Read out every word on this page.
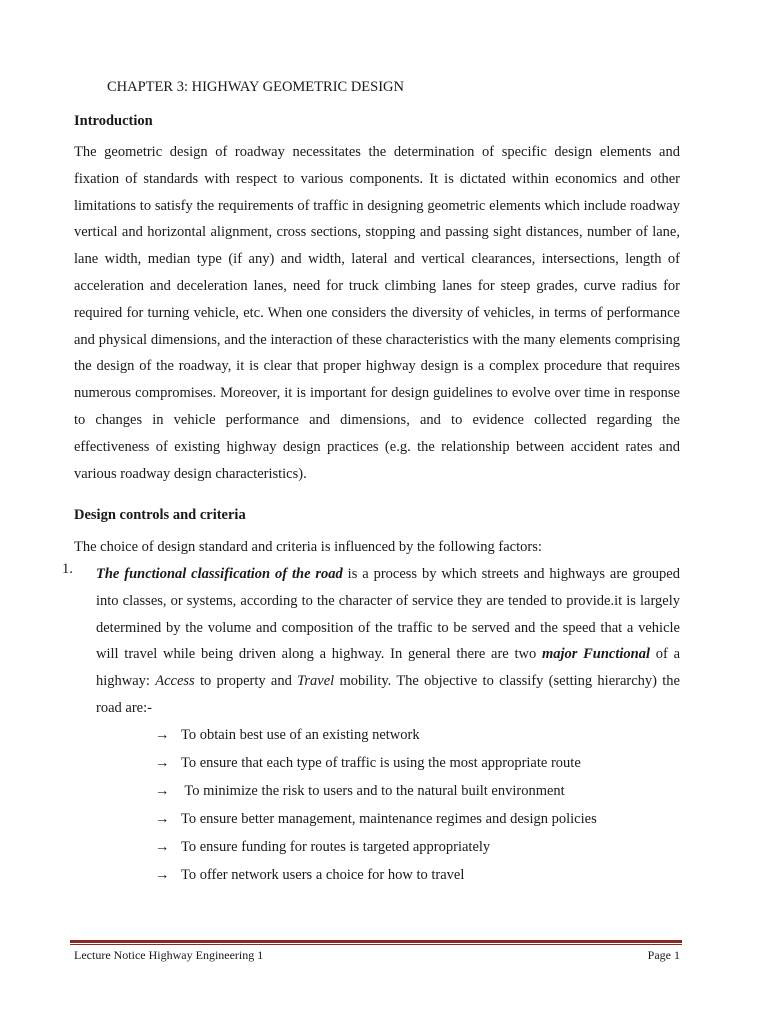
CHAPTER 3: HIGHWAY GEOMETRIC DESIGN
Introduction

The geometric design of roadway necessitates the determination of specific design elements and fixation of standards with respect to various components. It is dictated within economics and other limitations to satisfy the requirements of traffic in designing geometric elements which include roadway vertical and horizontal alignment, cross sections, stopping and passing sight distances, number of lane, lane width, median type (if any) and width, lateral and vertical clearances, intersections, length of acceleration and deceleration lanes, need for truck climbing lanes for steep grades, curve radius for required for turning vehicle, etc. When one considers the diversity of vehicles, in terms of performance and physical dimensions, and the interaction of these characteristics with the many elements comprising the design of the roadway, it is clear that proper highway design is a complex procedure that requires numerous compromises. Moreover, it is important for design guidelines to evolve over time in response to changes in vehicle performance and dimensions, and to evidence collected regarding the effectiveness of existing highway design practices (e.g. the relationship between accident rates and various roadway design characteristics).

Design controls and criteria

The choice of design standard and criteria is influenced by the following factors:

1. The functional classification of the road is a process by which streets and highways are grouped into classes, or systems, according to the character of service they are tended to provide.it is largely determined by the volume and composition of the traffic to be served and the speed that a vehicle will travel while being driven along a highway. In general there are two major Functional of a highway: Access to property and Travel mobility. The objective to classify (setting hierarchy) the road are:-

→ To obtain best use of an existing network
→ To ensure that each type of traffic is using the most appropriate route
→ To minimize the risk to users and to the natural built environment
→ To ensure better management, maintenance regimes and design policies
→ To ensure funding for routes is targeted appropriately
→ To offer network users a choice for how to travel
Lecture Notice Highway Engineering 1	Page 1
